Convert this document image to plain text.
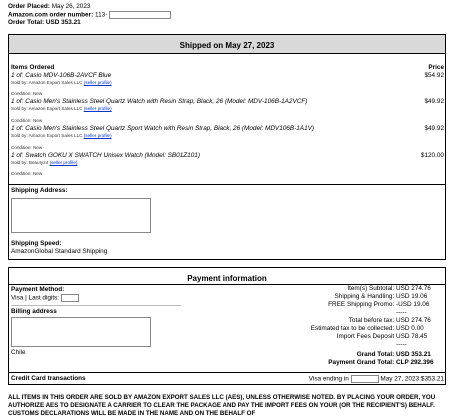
Order Placed: May 26, 2023
Amazon.com order number: 113-
Order Total: USD 353.21
Shipped on May 27, 2023
Items Ordered	Price
1 of: Casio MDV-106B-2AVCF Blue	$54.92
Sold by: Amazon Export Sales LLC (seller profile)
Condition: New
1 of: Casio Men's Stainless Steel Quartz Watch with Resin Strap, Black, 26 (Model: MDV-106B-1A2VCF)	$49.92
Sold by: Amazon Export Sales LLC (seller profile)
Condition: New
1 of: Casio Men's Stainless Steel Quartz Sport Watch with Resin Strap, Black, 26 (Model: MDV106B-1A1V)	$49.92
Sold by: Amazon Export Sales LLC (seller profile)
Condition: New
1 of: Swatch GOKU X SWATCH Unisex Watch (Model: SB01Z101)	$120.00
Sold by: Beauty24 (seller profile)
Condition: New
Shipping Address:
Shipping Speed:
AmazonGlobal Standard Shipping
Payment information
Payment Method:
Visa | Last digits:
Billing address
Chile
Item(s) Subtotal: USD 274.76
Shipping & Handling: USD 19.06
FREE Shipping Promo: -USD 19.06
-----
Total before tax: USD 274.76
Estimated tax to be collected: USD 0.00
Import Fees Deposit USD 78.45
-----
Grand Total: USD 353.21
Payment Grand Total: CLP 292.396
Credit Card transactions	Visa ending in	May 27, 2023:$353.21
ALL ITEMS IN THIS ORDER ARE SOLD BY AMAZON EXPORT SALES LLC (AES), UNLESS OTHERWISE NOTED. BY PLACING YOUR ORDER, YOU AUTHORIZE AES TO DESIGNATE A CARRIER TO CLEAR THE PACKAGE AND PAY THE IMPORT FEES ON YOUR (OR THE RECIPIENT'S) BEHALF. CUSTOMS DECLARATIONS WILL BE MADE IN THE NAME AND ON THE BEHALF OF
